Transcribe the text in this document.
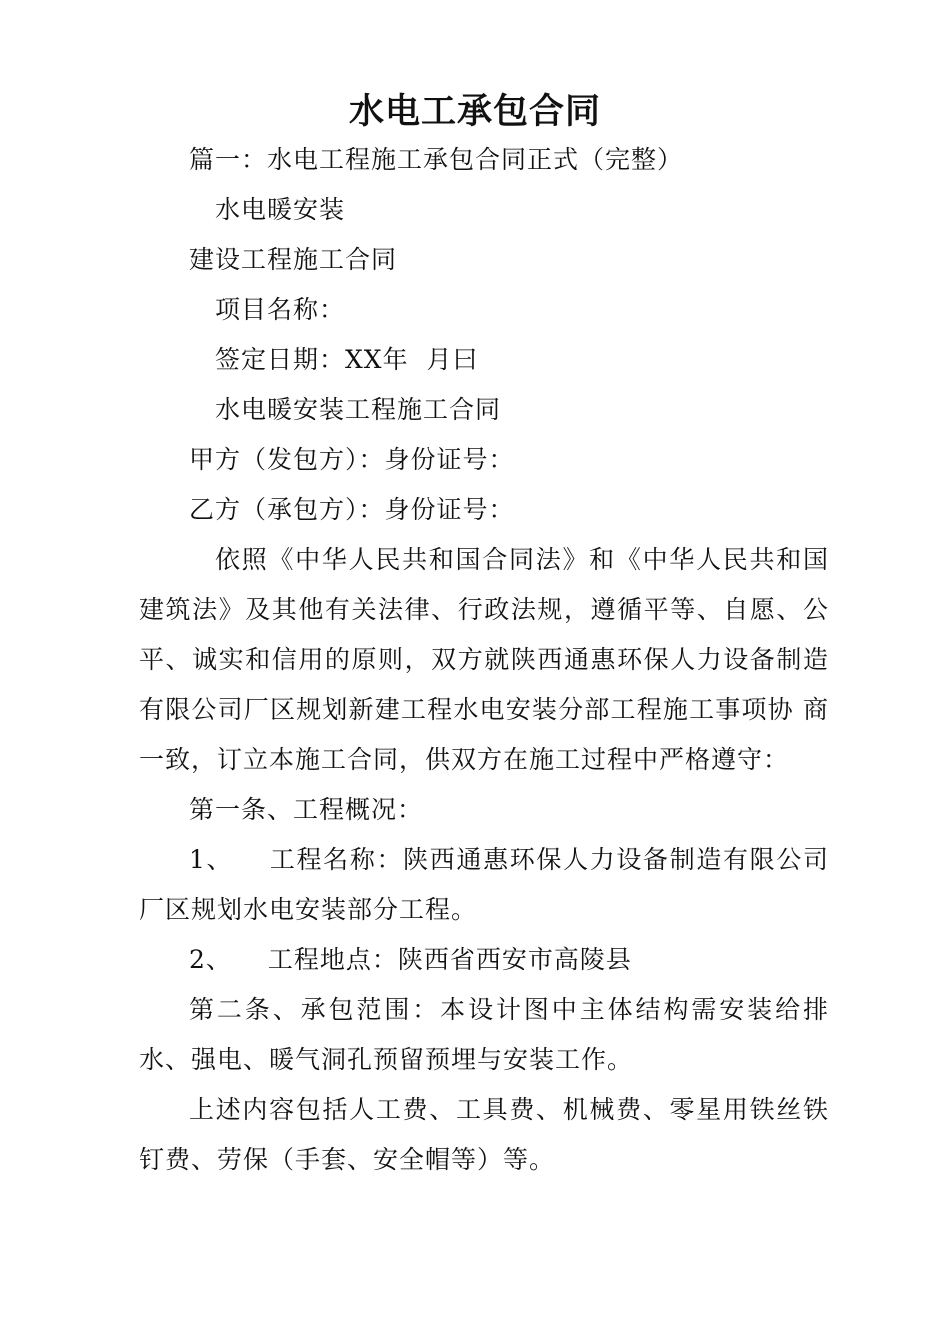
水电工承包合同

篇一：水电工程施工承包合同正式（完整）

水电暖安装

建设工程施工合同

项目名称：

签定日期：XX年  月曰

水电暖安装工程施工合同

甲方（发包方）：身份证号：

乙方（承包方）：身份证号：

依照《中华人民共和国合同法》和《中华人民共和国建筑法》及其他有关法律、行政法规，遵循平等、自愿、公平、诚实和信用的原则，双方就陕西通惠环保人力设备制造有限公司厂区规划新建工程水电安装分部工程施工事项协 商一致，订立本施工合同，供双方在施工过程中严格遵守：

第一条、工程概况：

1、 工程名称：陕西通惠环保人力设备制造有限公司厂区规划水电安装部分工程。

2、 工程地点：陕西省西安市高陵县

第二条、承包范围：本设计图中主体结构需安装给排水、强电、暖气洞孔预留预埋与安装工作。

上述内容包括人工费、工具费、机械费、零星用铁丝铁钉费、劳保（手套、安全帽等）等。
